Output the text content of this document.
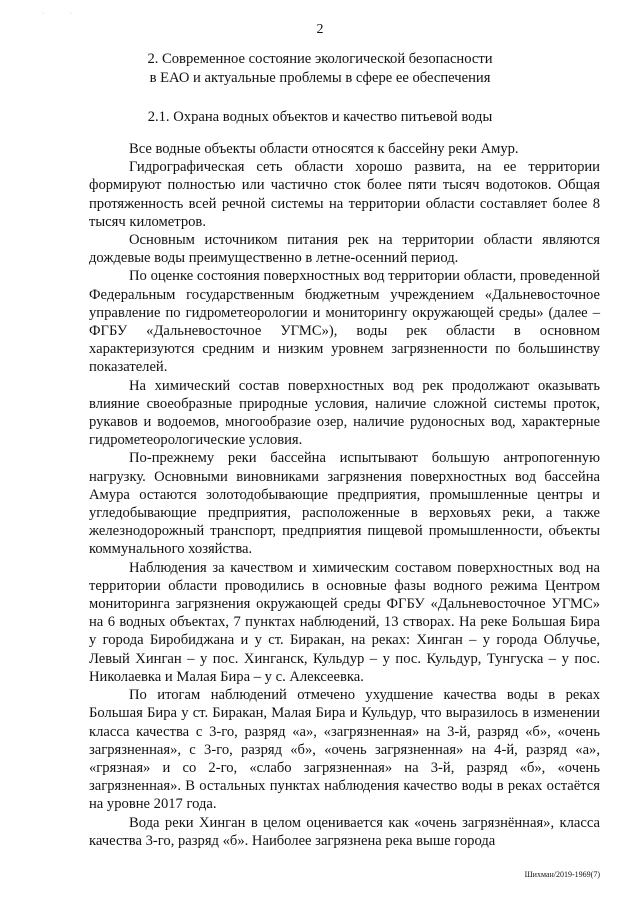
·	·
2
2. Современное состояние экологической безопасности
в ЕАО и актуальные проблемы в сфере ее обеспечения
2.1. Охрана водных объектов и качество питьевой воды

Все водные объекты области относятся к бассейну реки Амур.

Гидрографическая сеть области хорошо развита, на ее территории формируют полностью или частично сток более пяти тысяч водотоков. Общая протяженность всей речной системы на территории области составляет более 8 тысяч километров.

Основным источником питания рек на территории области являются дождевые воды преимущественно в летне-осенний период.

По оценке состояния поверхностных вод территории области, проведенной Федеральным государственным бюджетным учреждением «Дальневосточное управление по гидрометеорологии и мониторингу окружающей среды» (далее – ФГБУ «Дальневосточное УГМС»), воды рек области в основном характеризуются средним и низким уровнем загрязненности по большинству показателей.

На химический состав поверхностных вод рек продолжают оказывать влияние своеобразные природные условия, наличие сложной системы проток, рукавов и водоемов, многообразие озер, наличие рудоносных вод, характерные гидрометеорологические условия.

По-прежнему реки бассейна испытывают большую антропогенную нагрузку. Основными виновниками загрязнения поверхностных вод бассейна Амура остаются золотодобывающие предприятия, промышленные центры и угледобывающие предприятия, расположенные в верховьях реки, а также железнодорожный транспорт, предприятия пищевой промышленности, объекты коммунального хозяйства.

Наблюдения за качеством и химическим составом поверхностных вод на территории области проводились в основные фазы водного режима Центром мониторинга загрязнения окружающей среды ФГБУ «Дальневосточное УГМС» на 6 водных объектах, 7 пунктах наблюдений, 13 створах. На реке Большая Бира у города Биробиджана и у ст. Биракан, на реках: Хинган – у города Облучье, Левый Хинган – у пос. Хинганск, Кульдур – у пос. Кульдур, Тунгуска – у пос. Николаевка и Малая Бира – у с. Алексеевка.

По итогам наблюдений отмечено ухудшение качества воды в реках Большая Бира у ст. Биракан, Малая Бира и Кульдур, что выразилось в изменении класса качества с 3-го, разряд «а», «загрязненная» на 3-й, разряд «б», «очень загрязненная», с 3-го, разряд «б», «очень загрязненная» на 4-й, разряд «а», «грязная» и со 2-го, «слабо загрязненная» на 3-й, разряд «б», «очень загрязненная». В остальных пунктах наблюдения качество воды в реках остаётся на уровне 2017 года.

Вода реки Хинган в целом оценивается как «очень загрязнённая», класса качества 3-го, разряд «б». Наиболее загрязнена река выше города

Шихман/2019-1969(7)
